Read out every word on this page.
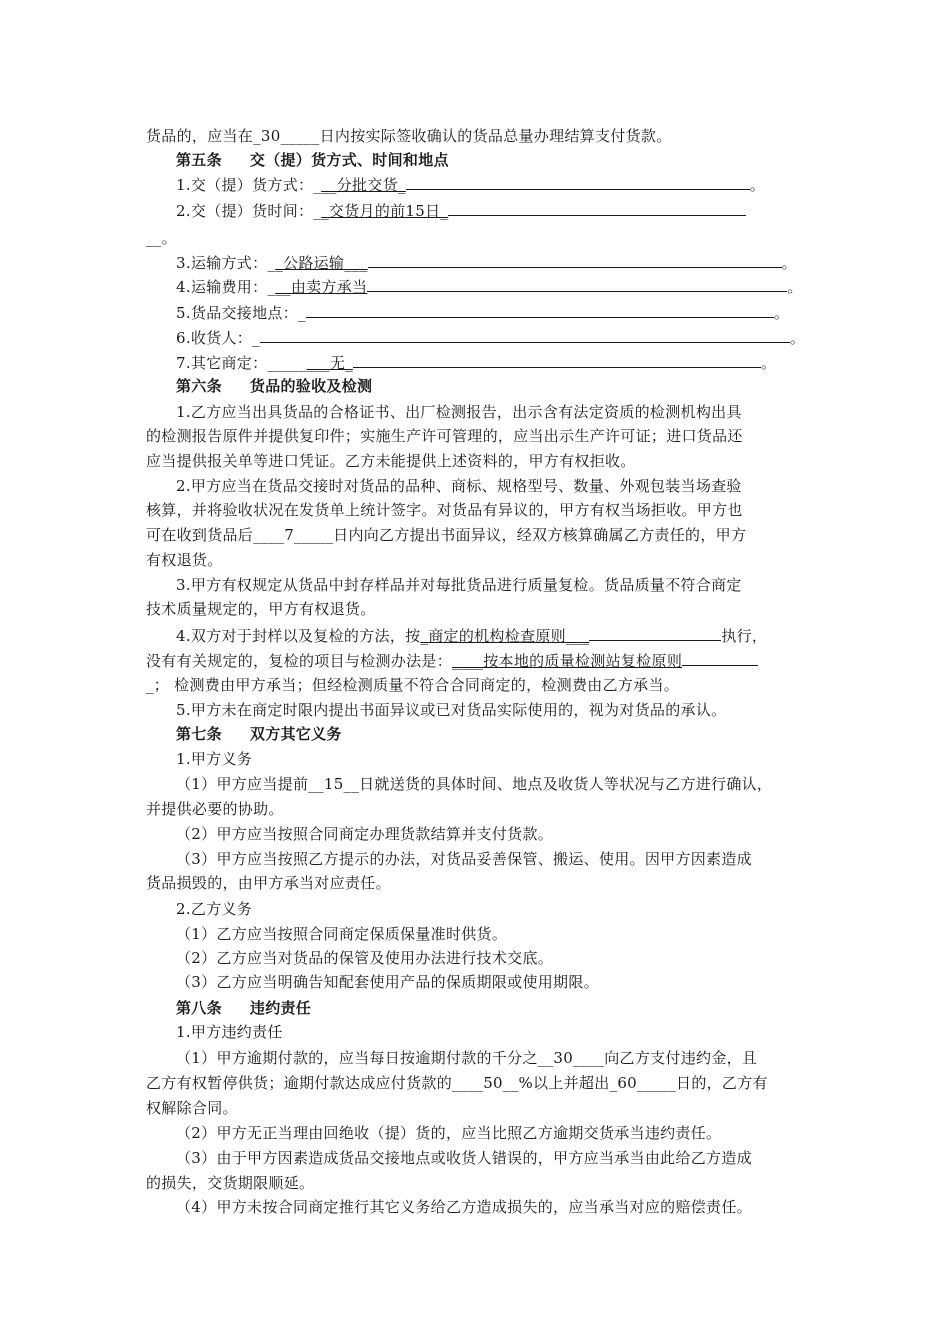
货品的，应当在_30_____日内按实际签收确认的货品总量办理结算支付货款。
第五条 交（提）货方式、时间和地点
1.交（提）货方式：___分批交货_	。
2.交（提）货时间：__交货月的前15日_
__。
3.运输方式：__公路运输___	。
4.运输费用：___由卖方承当	。
5.货品交接地点：_	。
6.收货人：_	。
7.其它商定：________无_	。
第六条 货品的验收及检测
1.乙方应当出具货品的合格证书、出厂检测报告，出示含有法定资质的检测机构出具
的检测报告原件并提供复印件；实施生产许可管理的，应当出示生产许可证；进口货品还
应当提供报关单等进口凭证。乙方未能提供上述资料的，甲方有权拒收。
2.甲方应当在货品交接时对货品的品种、商标、规格型号、数量、外观包装当场查验
核算，并将验收状况在发货单上统计签字。对货品有异议的，甲方有权当场拒收。甲方也
可在收到货品后____7_____日内向乙方提出书面异议，经双方核算确属乙方责任的，甲方
有权退货。
3.甲方有权规定从货品中封存样品并对每批货品进行质量复检。货品质量不符合商定
技术质量规定的，甲方有权退货。
4.双方对于封样以及复检的方法，按_商定的机构检查原则___	执行，
没有有关规定的，复检的项目与检测办法是：____按本地的质量检测站复检原则
_； 检测费由甲方承当；但经检测质量不符合合同商定的，检测费由乙方承当。
5.甲方未在商定时限内提出书面异议或已对货品实际使用的，视为对货品的承认。
第七条 双方其它义务
1.甲方义务
（1）甲方应当提前__15__日就送货的具体时间、地点及收货人等状况与乙方进行确认，
并提供必要的协助。
（2）甲方应当按照合同商定办理货款结算并支付货款。
（3）甲方应当按照乙方提示的办法，对货品妥善保管、搬运、使用。因甲方因素造成
货品损毁的，由甲方承当对应责任。
2.乙方义务
（1）乙方应当按照合同商定保质保量准时供货。
（2）乙方应当对货品的保管及使用办法进行技术交底。
（3）乙方应当明确告知配套使用产品的保质期限或使用期限。
第八条 违约责任
1.甲方违约责任
（1）甲方逾期付款的，应当每日按逾期付款的千分之__30____向乙方支付违约金，且
乙方有权暂停供货；逾期付款达成应付货款的____50__%以上并超出_60_____日的，乙方有
权解除合同。
（2）甲方无正当理由回绝收（提）货的，应当比照乙方逾期交货承当违约责任。
（3）由于甲方因素造成货品交接地点或收货人错误的，甲方应当承当由此给乙方造成
的损失，交货期限顺延。
（4）甲方未按合同商定推行其它义务给乙方造成损失的，应当承当对应的赔偿责任。
